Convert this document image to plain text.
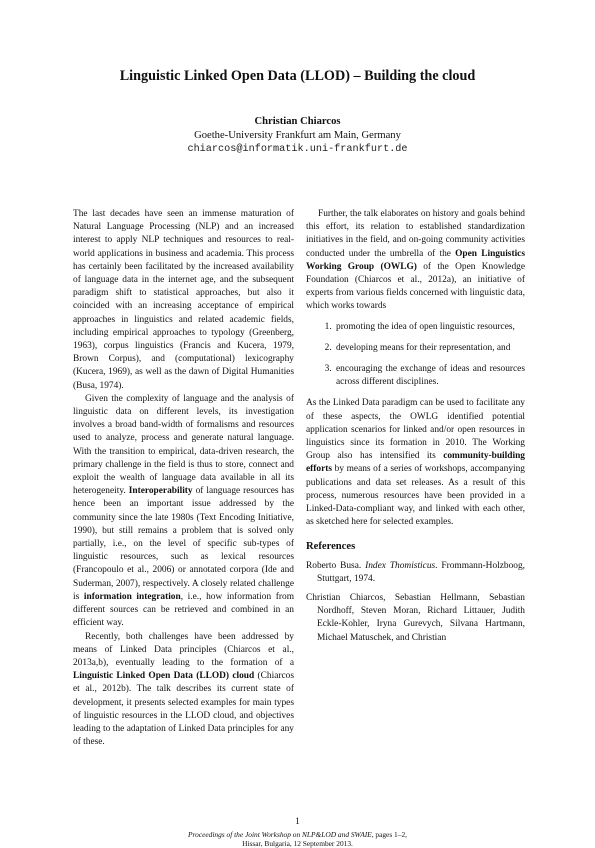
Linguistic Linked Open Data (LLOD) – Building the cloud
Christian Chiarcos
Goethe-University Frankfurt am Main, Germany
chiarcos@informatik.uni-frankfurt.de

The last decades have seen an immense maturation of Natural Language Processing (NLP) and an increased interest to apply NLP techniques and resources to real-world applications in business and academia. This process has certainly been facilitated by the increased availability of language data in the internet age, and the subsequent paradigm shift to statistical approaches, but also it coincided with an increasing acceptance of empirical approaches in linguistics and related academic fields, including empirical approaches to typology (Greenberg, 1963), corpus linguistics (Francis and Kucera, 1979, Brown Corpus), and (computational) lexicography (Kucera, 1969), as well as the dawn of Digital Humanities (Busa, 1974).

Given the complexity of language and the analysis of linguistic data on different levels, its investigation involves a broad band-width of formalisms and resources used to analyze, process and generate natural language. With the transition to empirical, data-driven research, the primary challenge in the field is thus to store, connect and exploit the wealth of language data available in all its heterogeneity. Interoperability of language resources has hence been an important issue addressed by the community since the late 1980s (Text Encoding Initiative, 1990), but still remains a problem that is solved only partially, i.e., on the level of specific sub-types of linguistic resources, such as lexical resources (Francopoulo et al., 2006) or annotated corpora (Ide and Suderman, 2007), respectively. A closely related challenge is information integration, i.e., how information from different sources can be retrieved and combined in an efficient way.

Recently, both challenges have been addressed by means of Linked Data principles (Chiarcos et al., 2013a,b), eventually leading to the formation of a Linguistic Linked Open Data (LLOD) cloud (Chiarcos et al., 2012b). The talk describes its current state of development, it presents selected examples for main types of linguistic resources in the LLOD cloud, and objectives leading to the adaptation of Linked Data principles for any of these.

Further, the talk elaborates on history and goals behind this effort, its relation to established standardization initiatives in the field, and on-going community activities conducted under the umbrella of the Open Linguistics Working Group (OWLG) of the Open Knowledge Foundation (Chiarcos et al., 2012a), an initiative of experts from various fields concerned with linguistic data, which works towards

1. promoting the idea of open linguistic resources,
2. developing means for their representation, and
3. encouraging the exchange of ideas and resources across different disciplines.

As the Linked Data paradigm can be used to facilitate any of these aspects, the OWLG identified potential application scenarios for linked and/or open resources in linguistics since its formation in 2010. The Working Group also has intensified its community-building efforts by means of a series of workshops, accompanying publications and data set releases. As a result of this process, numerous resources have been provided in a Linked-Data-compliant way, and linked with each other, as sketched here for selected examples.

References

Roberto Busa. Index Thomisticus. Frommann-Holzboog, Stuttgart, 1974.

Christian Chiarcos, Sebastian Hellmann, Sebastian Nordhoff, Steven Moran, Richard Littauer, Judith Eckle-Kohler, Iryna Gurevych, Silvana Hartmann, Michael Matuschek, and Christian

1
Proceedings of the Joint Workshop on NLP&LOD and SWAIE, pages 1–2,
Hissar, Bulgaria, 12 September 2013.
